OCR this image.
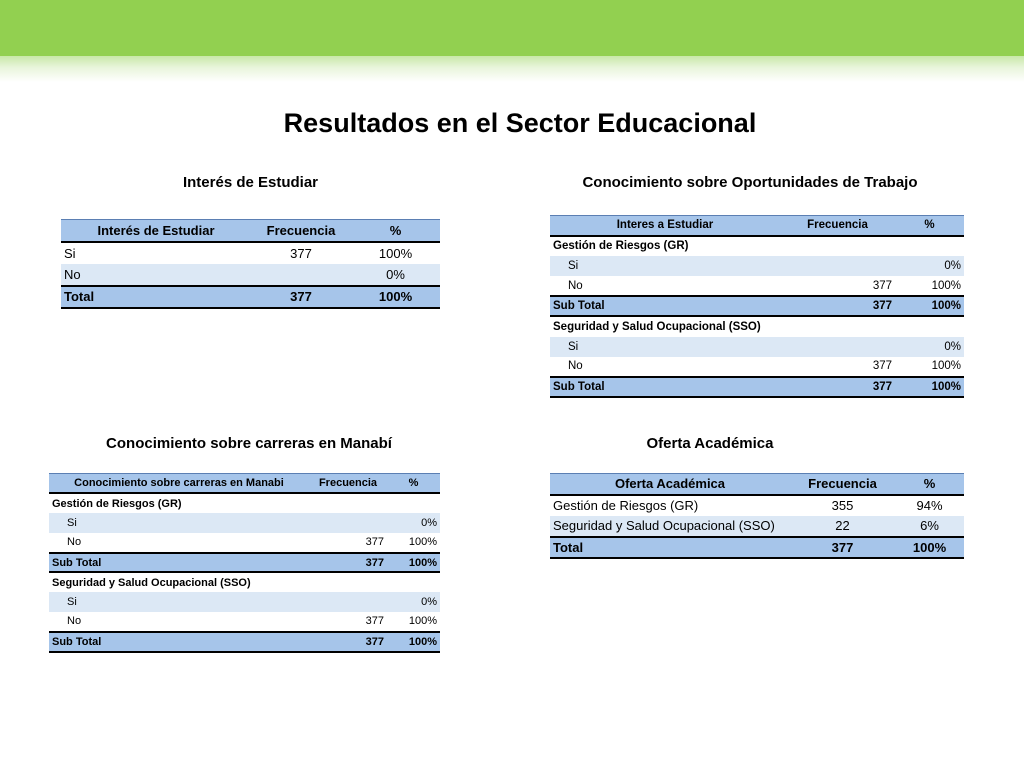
Resultados en el Sector Educacional
Interés de Estudiar
Interés de Estudiar	Frecuencia	%
Si	377	100%
No		0%
Total	377	100%
Conocimiento sobre Oportunidades de Trabajo
Interes a Estudiar	Frecuencia	%
Gestión de Riesgos (GR)		
Si		0%
No	377	100%
Sub Total	377	100%
Seguridad y Salud Ocupacional (SSO)		
Si		0%
No	377	100%
Sub Total	377	100%
Conocimiento sobre carreras en Manabí
Conocimiento sobre carreras en Manabi	Frecuencia	%
Gestión de Riesgos (GR)		
Si		0%
No	377	100%
Sub Total	377	100%
Seguridad y Salud Ocupacional (SSO)		
Si		0%
No	377	100%
Sub Total	377	100%
Oferta Académica
Oferta Académica	Frecuencia	%
Gestión de Riesgos (GR)	355	94%
Seguridad y Salud Ocupacional (SSO)	22	6%
Total	377	100%
